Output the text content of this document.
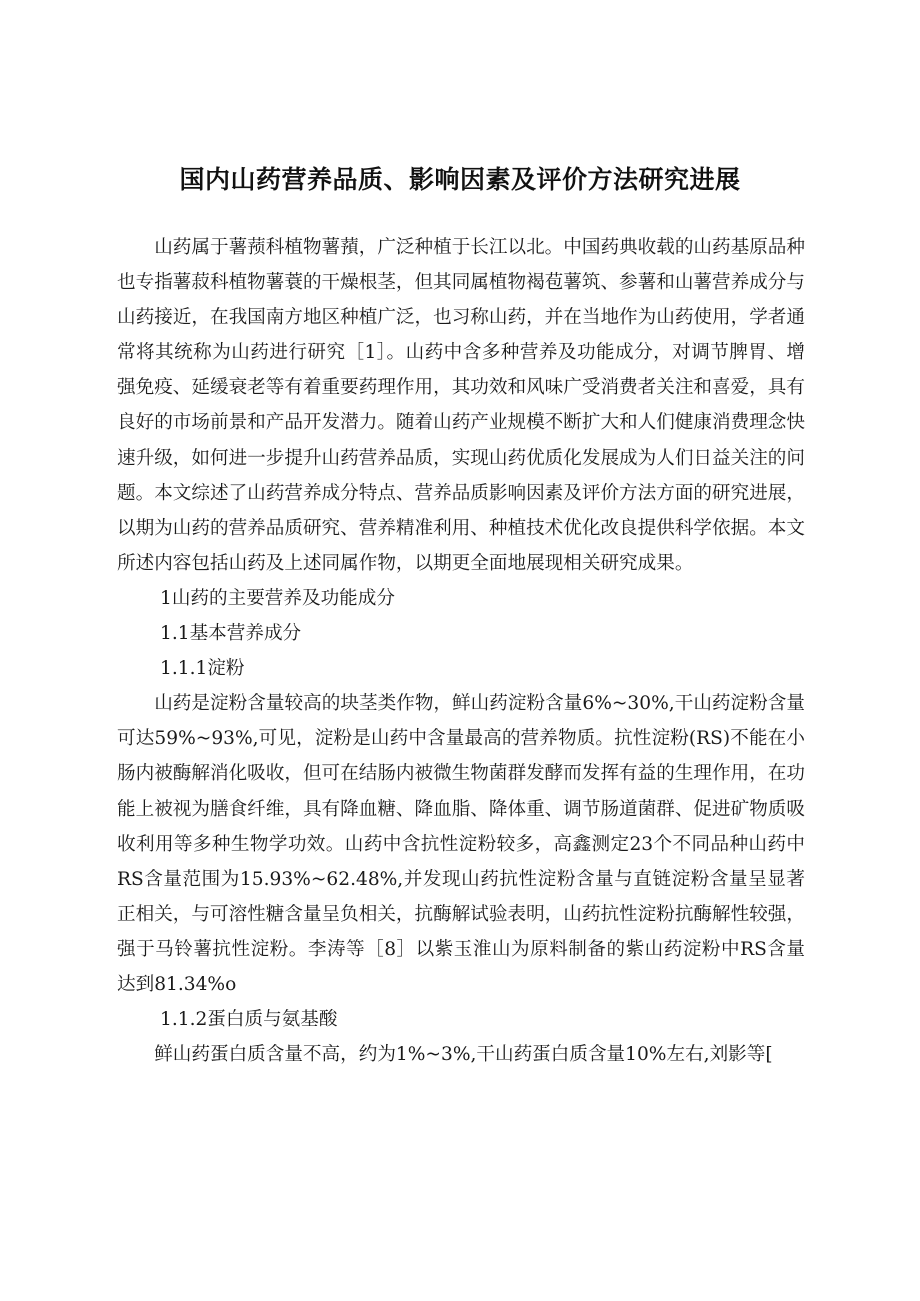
国内山药营养品质、影响因素及评价方法研究进展

山药属于薯蓣科植物薯蕷，广泛种植于长江以北。中国药典收载的山药基原品种也专指薯菽科植物薯蓑的干燥根茎，但其同属植物褐苞薯筑、参薯和山薯营养成分与山药接近，在我国南方地区种植广泛，也习称山药，并在当地作为山药使用，学者通常将其统称为山药进行研究［1］。山药中含多种营养及功能成分，对调节脾胃、增强免疫、延缓衰老等有着重要药理作用，其功效和风味广受消费者关注和喜爱，具有良好的市场前景和产品开发潜力。随着山药产业规模不断扩大和人们健康消费理念快速升级，如何进一步提升山药营养品质，实现山药优质化发展成为人们日益关注的问题。本文综述了山药营养成分特点、营养品质影响因素及评价方法方面的研究进展，以期为山药的营养品质研究、营养精准利用、种植技术优化改良提供科学依据。本文所述内容包括山药及上述同属作物，以期更全面地展现相关研究成果。

1山药的主要营养及功能成分

1.1基本营养成分

1.1.1淀粉

山药是淀粉含量较高的块茎类作物，鲜山药淀粉含量6%~30%,干山药淀粉含量可达59%~93%,可见，淀粉是山药中含量最高的营养物质。抗性淀粉(RS)不能在小肠内被酶解消化吸收，但可在结肠内被微生物菌群发酵而发挥有益的生理作用，在功能上被视为膳食纤维，具有降血糖、降血脂、降体重、调节肠道菌群、促进矿物质吸收利用等多种生物学功效。山药中含抗性淀粉较多，高鑫测定23个不同品种山药中RS含量范围为15.93%~62.48%,并发现山药抗性淀粉含量与直链淀粉含量呈显著正相关，与可溶性糖含量呈负相关，抗酶解试验表明，山药抗性淀粉抗酶解性较强，强于马铃薯抗性淀粉。李涛等［8］以紫玉淮山为原料制备的紫山药淀粉中RS含量达到81.34%o

1.1.2蛋白质与氨基酸

鲜山药蛋白质含量不高，约为1%~3%,干山药蛋白质含量10%左右,刘影等[
